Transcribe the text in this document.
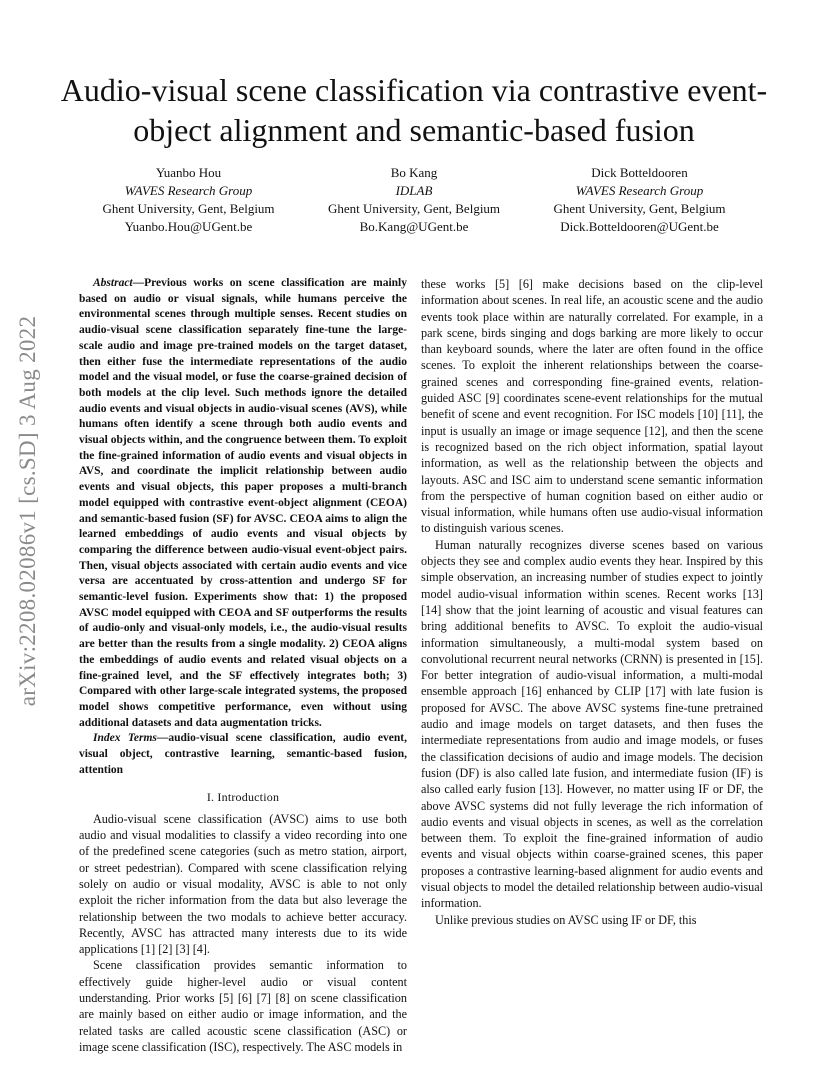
arXiv:2208.02086v1 [cs.SD] 3 Aug 2022
Audio-visual scene classification via contrastive event-object alignment and semantic-based fusion
Yuanbo Hou
WAVES Research Group
Ghent University, Gent, Belgium
Yuanbo.Hou@UGent.be
Bo Kang
IDLAB
Ghent University, Gent, Belgium
Bo.Kang@UGent.be
Dick Botteldooren
WAVES Research Group
Ghent University, Gent, Belgium
Dick.Botteldooren@UGent.be

Abstract—Previous works on scene classification are mainly based on audio or visual signals, while humans perceive the environmental scenes through multiple senses. Recent studies on audio-visual scene classification separately fine-tune the large-scale audio and image pre-trained models on the target dataset, then either fuse the intermediate representations of the audio model and the visual model, or fuse the coarse-grained decision of both models at the clip level. Such methods ignore the detailed audio events and visual objects in audio-visual scenes (AVS), while humans often identify a scene through both audio events and visual objects within, and the congruence between them. To exploit the fine-grained information of audio events and visual objects in AVS, and coordinate the implicit relationship between audio events and visual objects, this paper proposes a multi-branch model equipped with contrastive event-object alignment (CEOA) and semantic-based fusion (SF) for AVSC. CEOA aims to align the learned embeddings of audio events and visual objects by comparing the difference between audio-visual event-object pairs. Then, visual objects associated with certain audio events and vice versa are accentuated by cross-attention and undergo SF for semantic-level fusion. Experiments show that: 1) the proposed AVSC model equipped with CEOA and SF outperforms the results of audio-only and visual-only models, i.e., the audio-visual results are better than the results from a single modality. 2) CEOA aligns the embeddings of audio events and related visual objects on a fine-grained level, and the SF effectively integrates both; 3) Compared with other large-scale integrated systems, the proposed model shows competitive performance, even without using additional datasets and data augmentation tricks.

Index Terms—audio-visual scene classification, audio event, visual object, contrastive learning, semantic-based fusion, attention

I. Introduction

Audio-visual scene classification (AVSC) aims to use both audio and visual modalities to classify a video recording into one of the predefined scene categories (such as metro station, airport, or street pedestrian). Compared with scene classification relying solely on audio or visual modality, AVSC is able to not only exploit the richer information from the data but also leverage the relationship between the two modals to achieve better accuracy. Recently, AVSC has attracted many interests due to its wide applications [1] [2] [3] [4].

Scene classification provides semantic information to effectively guide higher-level audio or visual content understanding. Prior works [5] [6] [7] [8] on scene classification are mainly based on either audio or image information, and the related tasks are called acoustic scene classification (ASC) or image scene classification (ISC), respectively. The ASC models in

these works [5] [6] make decisions based on the clip-level information about scenes. In real life, an acoustic scene and the audio events took place within are naturally correlated. For example, in a park scene, birds singing and dogs barking are more likely to occur than keyboard sounds, where the later are often found in the office scenes. To exploit the inherent relationships between the coarse-grained scenes and corresponding fine-grained events, relation-guided ASC [9] coordinates scene-event relationships for the mutual benefit of scene and event recognition. For ISC models [10] [11], the input is usually an image or image sequence [12], and then the scene is recognized based on the rich object information, spatial layout information, as well as the relationship between the objects and layouts. ASC and ISC aim to understand scene semantic information from the perspective of human cognition based on either audio or visual information, while humans often use audio-visual information to distinguish various scenes.

Human naturally recognizes diverse scenes based on various objects they see and complex audio events they hear. Inspired by this simple observation, an increasing number of studies expect to jointly model audio-visual information within scenes. Recent works [13] [14] show that the joint learning of acoustic and visual features can bring additional benefits to AVSC. To exploit the audio-visual information simultaneously, a multi-modal system based on convolutional recurrent neural networks (CRNN) is presented in [15]. For better integration of audio-visual information, a multi-modal ensemble approach [16] enhanced by CLIP [17] with late fusion is proposed for AVSC. The above AVSC systems fine-tune pretrained audio and image models on target datasets, and then fuses the intermediate representations from audio and image models, or fuses the classification decisions of audio and image models. The decision fusion (DF) is also called late fusion, and intermediate fusion (IF) is also called early fusion [13]. However, no matter using IF or DF, the above AVSC systems did not fully leverage the rich information of audio events and visual objects in scenes, as well as the correlation between them. To exploit the fine-grained information of audio events and visual objects within coarse-grained scenes, this paper proposes a contrastive learning-based alignment for audio events and visual objects to model the detailed relationship between audio-visual information.

Unlike previous studies on AVSC using IF or DF, this
